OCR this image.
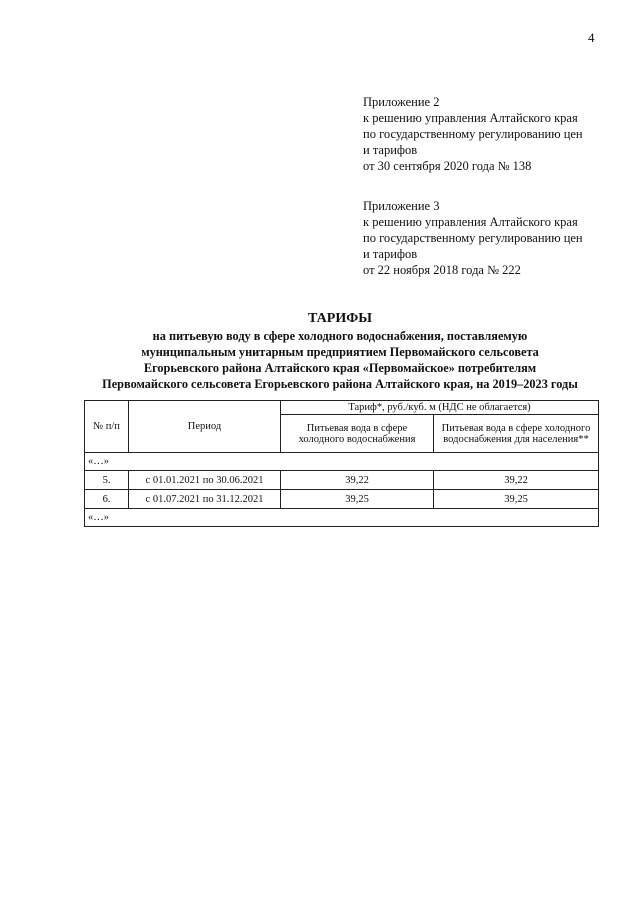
4
Приложение 2
к решению управления Алтайского края
по государственному регулированию цен
и тарифов
от 30 сентября 2020 года № 138
Приложение 3
к решению управления Алтайского края
по государственному регулированию цен
и тарифов
от 22 ноября 2018 года № 222
ТАРИФЫ
на питьевую воду в сфере холодного водоснабжения, поставляемую
муниципальным унитарным предприятием Первомайского сельсовета
Егорьевского района Алтайского края «Первомайское» потребителям
Первомайского сельсовета Егорьевского района Алтайского края, на 2019–2023 годы
№ п/п	Период	Тариф*, руб./куб. м (НДС не облагается)	
		Питьевая вода в сфере холодного водоснабжения	Питьевая вода в сфере холодного водоснабжения для населения**
«…»			
5.	с 01.01.2021 по 30.06.2021	39,22	39,22
6.	с 01.07.2021 по 31.12.2021	39,25	39,25
«…»			
